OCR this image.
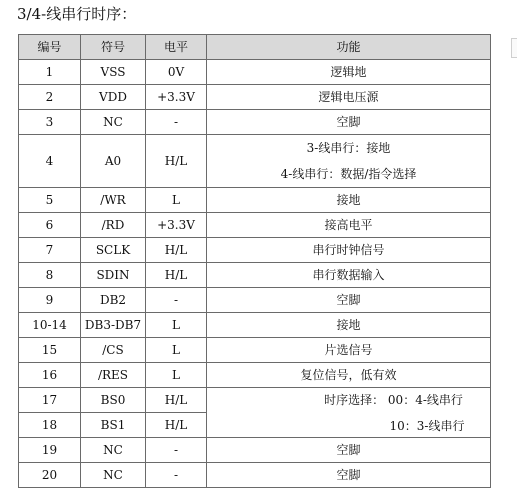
3/4-线串行时序：
编号	符号	电平	功能
1	VSS	0V	逻辑地
2	VDD	+3.3V	逻辑电压源
3	NC	-	空脚
4	A0	H/L	3-线串行：接地
4-线串行：数据/指令选择

5	/WR	L	接地
6	/RD	+3.3V	接高电平
7	SCLK	H/L	串行时钟信号
8	SDIN	H/L	串行数据输入
9	DB2	-	空脚
10-14	DB3-DB7	L	接地
15	/CS	L	片选信号
16	/RES	L	复位信号，低有效
17	BS0	H/L	时序选择： 00：4-线串行
10：3-线串行

18	BS1	H/L	
19	NC	-	空脚
20	NC	-	空脚
